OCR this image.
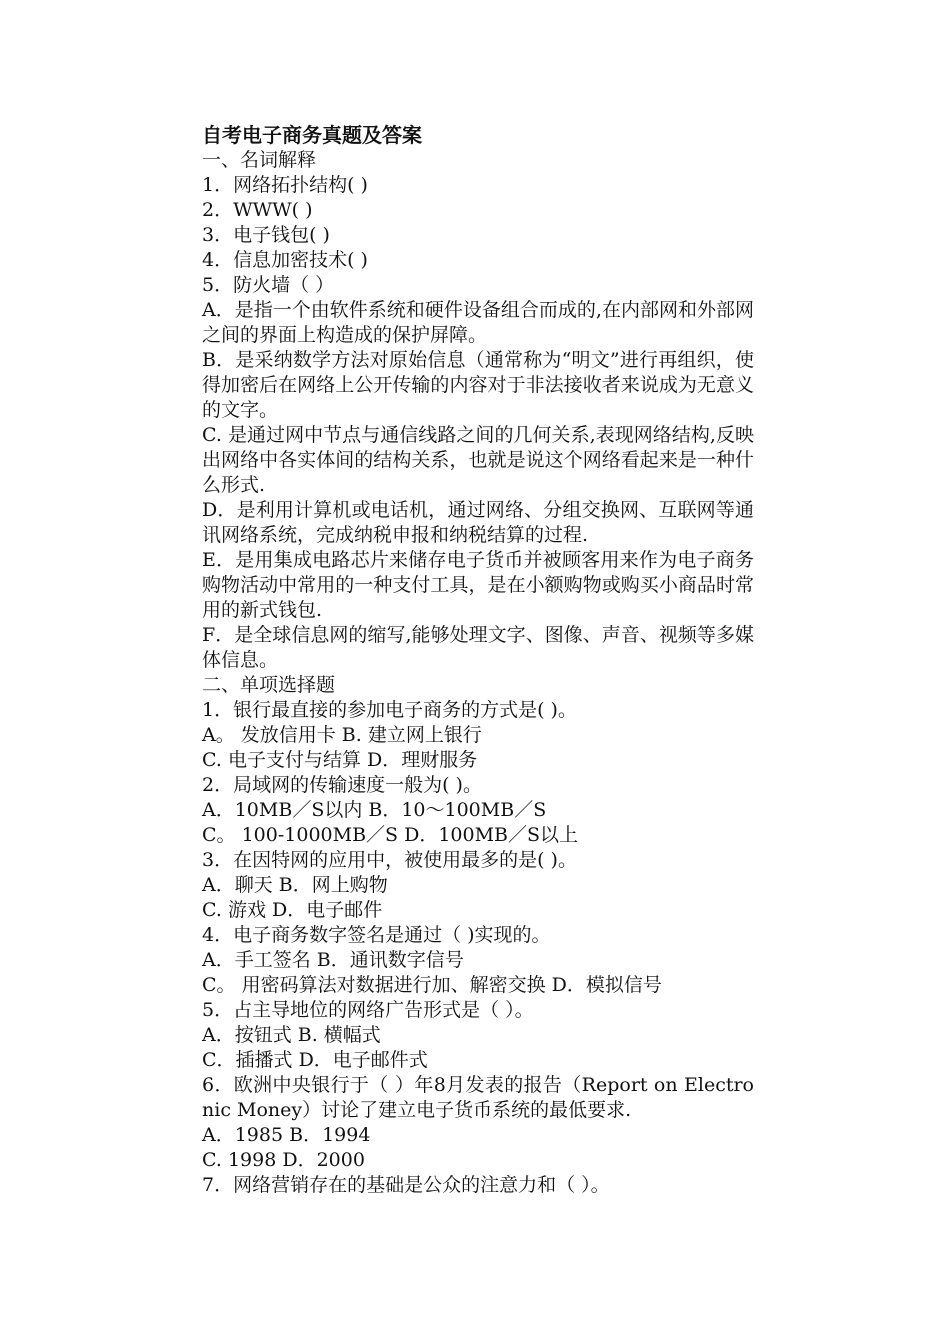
自考电子商务真题及答案

一、名词解释

1．网络拓扑结构( )

2．WWW( )

3．电子钱包( )

4．信息加密技术( )

5．防火墙（ ）

A．是指一个由软件系统和硬件设备组合而成的,在内部网和外部网之间的界面上构造成的保护屏障。

B．是采纳数学方法对原始信息（通常称为“明文”进行再组织，使得加密后在网络上公开传输的内容对于非法接收者来说成为无意义的文字。

C. 是通过网中节点与通信线路之间的几何关系,表现网络结构,反映出网络中各实体间的结构关系，也就是说这个网络看起来是一种什么形式.

D．是利用计算机或电话机，通过网络、分组交换网、互联网等通讯网络系统，完成纳税申报和纳税结算的过程.

E．是用集成电路芯片来储存电子货币并被顾客用来作为电子商务购物活动中常用的一种支付工具，是在小额购物或购买小商品时常用的新式钱包.

F．是全球信息网的缩写,能够处理文字、图像、声音、视频等多媒体信息。

二、单项选择题

1．银行最直接的参加电子商务的方式是( )。

A。 发放信用卡 B. 建立网上银行

C. 电子支付与结算 D．理财服务

2．局域网的传输速度一般为( )。

A．10MB／S以内 B．10～100MB／S

C。 100-1000MB／S D．100MB／S以上

3．在因特网的应用中，被使用最多的是( )。

A．聊天 B．网上购物

C. 游戏 D．电子邮件

4．电子商务数字签名是通过（ )实现的。

A．手工签名 B．通讯数字信号

C。 用密码算法对数据进行加、解密交换 D．模拟信号

5．占主导地位的网络广告形式是（ ）。

A．按钮式 B. 横幅式

C．插播式 D．电子邮件式

6．欧洲中央银行于（ ）年8月发表的报告（Report on Electronic Money）讨论了建立电子货币系统的最低要求.

A．1985 B．1994

C. 1998 D．2000

7．网络营销存在的基础是公众的注意力和（ ）。
